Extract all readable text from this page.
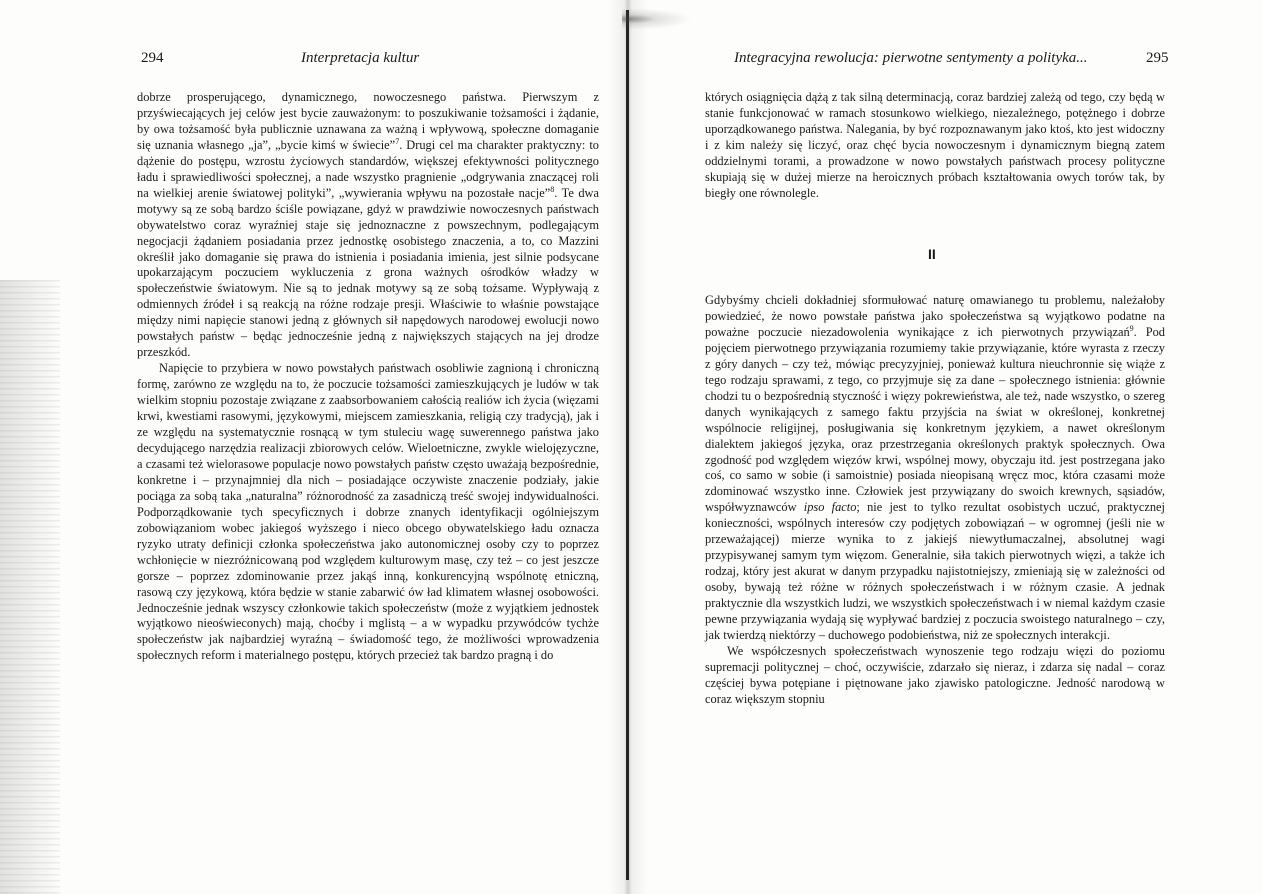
294	Interpretacja kultur

dobrze prosperującego, dynamicznego, nowoczesnego państwa. Pierwszym z przyświecających jej celów jest bycie zauważonym: to poszukiwanie tożsamości i żądanie, by owa tożsamość była publicznie uznawana za ważną i wpływową, społeczne domaganie się uznania własnego „ja”, „bycie kimś w świecie”$^7$. Drugi cel ma charakter praktyczny: to dążenie do postępu, wzrostu życiowych standardów, większej efektywności politycznego ładu i sprawiedliwości społecznej, a nade wszystko pragnienie „odgrywania znaczącej roli na wielkiej arenie światowej polityki”, „wywierania wpływu na pozostałe nacje”$^8$. Te dwa motywy są ze sobą bardzo ściśle powiązane, gdyż w prawdziwie nowoczesnych państwach obywatelstwo coraz wyraźniej staje się jednoznaczne z powszechnym, podlegającym negocjacji żądaniem posiadania przez jednostkę osobistego znaczenia, a to, co Mazzini określił jako domaganie się prawa do istnienia i posiadania imienia, jest silnie podsycane upokarzającym poczuciem wykluczenia z grona ważnych ośrodków władzy w społeczeństwie światowym. Nie są to jednak motywy są ze sobą tożsame. Wypływają z odmiennych źródeł i są reakcją na różne rodzaje presji. Właściwie to właśnie powstające między nimi napięcie stanowi jedną z głównych sił napędowych narodowej ewolucji nowo powstałych państw – będąc jednocześnie jedną z największych stających na jej drodze przeszkód.

Napięcie to przybiera w nowo powstałych państwach osobliwie zagnioną i chroniczną formę, zarówno ze względu na to, że poczucie tożsamości zamieszkujących je ludów w tak wielkim stopniu pozostaje związane z zaabsorbowaniem całością realiów ich życia (więzami krwi, kwestiami rasowymi, językowymi, miejscem zamieszkania, religią czy tradycją), jak i ze względu na systematycznie rosnącą w tym stuleciu wagę suwerennego państwa jako decydującego narzędzia realizacji zbiorowych celów. Wieloetniczne, zwykle wielojęzyczne, a czasami też wielorasowe populacje nowo powstałych państw często uważają bezpośrednie, konkretne i – przynajmniej dla nich – posiadające oczywiste znaczenie podziały, jakie pociąga za sobą taka „naturalna” różnorodność za zasadniczą treść swojej indywidualności. Podporządkowanie tych specyficznych i dobrze znanych identyfikacji ogólniejszym zobowiązaniom wobec jakiegoś wyższego i nieco obcego obywatelskiego ładu oznacza ryzyko utraty definicji członka społeczeństwa jako autonomicznej osoby czy to poprzez wchłonięcie w niezróżnicowaną pod względem kulturowym masę, czy też – co jest jeszcze gorsze – poprzez zdominowanie przez jakąś inną, konkurencyjną wspólnotę etniczną, rasową czy językową, która będzie w stanie zabarwić ów ład klimatem własnej osobowości. Jednocześnie jednak wszyscy członkowie takich społeczeństw (może z wyjątkiem jednostek wyjątkowo nieoświeconych) mają, choćby i mglistą – a w wypadku przywódców tychże społeczeństw jak najbardziej wyraźną – świadomość tego, że możliwości wprowadzenia społecznych reform i materialnego postępu, których przecież tak bardzo pragną i do

Integracyjna rewolucja: pierwotne sentymenty a polityka...	295

których osiągnięcia dążą z tak silną determinacją, coraz bardziej zależą od tego, czy będą w stanie funkcjonować w ramach stosunkowo wielkiego, niezależnego, potężnego i dobrze uporządkowanego państwa. Nalegania, by być rozpoznawanym jako ktoś, kto jest widoczny i z kim należy się liczyć, oraz chęć bycia nowoczesnym i dynamicznym biegną zatem oddzielnymi torami, a prowadzone w nowo powstałych państwach procesy polityczne skupiają się w dużej mierze na heroicznych próbach kształtowania owych torów tak, by biegły one równolegle.

II

Gdybyśmy chcieli dokładniej sformułować naturę omawianego tu problemu, należałoby powiedzieć, że nowo powstałe państwa jako społeczeństwa są wyjątkowo podatne na poważne poczucie niezadowolenia wynikające z ich pierwotnych przywiązań$^9$. Pod pojęciem pierwotnego przywiązania rozumiemy takie przywiązanie, które wyrasta z rzeczy z góry danych – czy też, mówiąc precyzyjniej, ponieważ kultura nieuchronnie się wiąże z tego rodzaju sprawami, z tego, co przyjmuje się za dane – społecznego istnienia: głównie chodzi tu o bezpośrednią styczność i więzy pokrewieństwa, ale też, nade wszystko, o szereg danych wynikających z samego faktu przyjścia na świat w określonej, konkretnej wspólnocie religijnej, posługiwania się konkretnym językiem, a nawet określonym dialektem jakiegoś języka, oraz przestrzegania określonych praktyk społecznych. Owa zgodność pod względem więzów krwi, wspólnej mowy, obyczaju itd. jest postrzegana jako coś, co samo w sobie (i samoistnie) posiada nieopisaną wręcz moc, która czasami może zdominować wszystko inne. Człowiek jest przywiązany do swoich krewnych, sąsiadów, współwyznawców ipso facto; nie jest to tylko rezultat osobistych uczuć, praktycznej konieczności, wspólnych interesów czy podjętych zobowiązań – w ogromnej (jeśli nie w przeważającej) mierze wynika to z jakiejś niewytłumaczalnej, absolutnej wagi przypisywanej samym tym więzom. Generalnie, siła takich pierwotnych więzi, a także ich rodzaj, który jest akurat w danym przypadku najistotniejszy, zmieniają się w zależności od osoby, bywają też różne w różnych społeczeństwach i w różnym czasie. A jednak praktycznie dla wszystkich ludzi, we wszystkich społeczeństwach i w niemal każdym czasie pewne przywiązania wydają się wypływać bardziej z poczucia swoistego naturalnego – czy, jak twierdzą niektórzy – duchowego podobieństwa, niż ze społecznych interakcji.

We współczesnych społeczeństwach wynoszenie tego rodzaju więzi do poziomu supremacji politycznej – choć, oczywiście, zdarzało się nieraz, i zdarza się nadal – coraz częściej bywa potępiane i piętnowane jako zjawisko patologiczne. Jedność narodową w coraz większym stopniu
